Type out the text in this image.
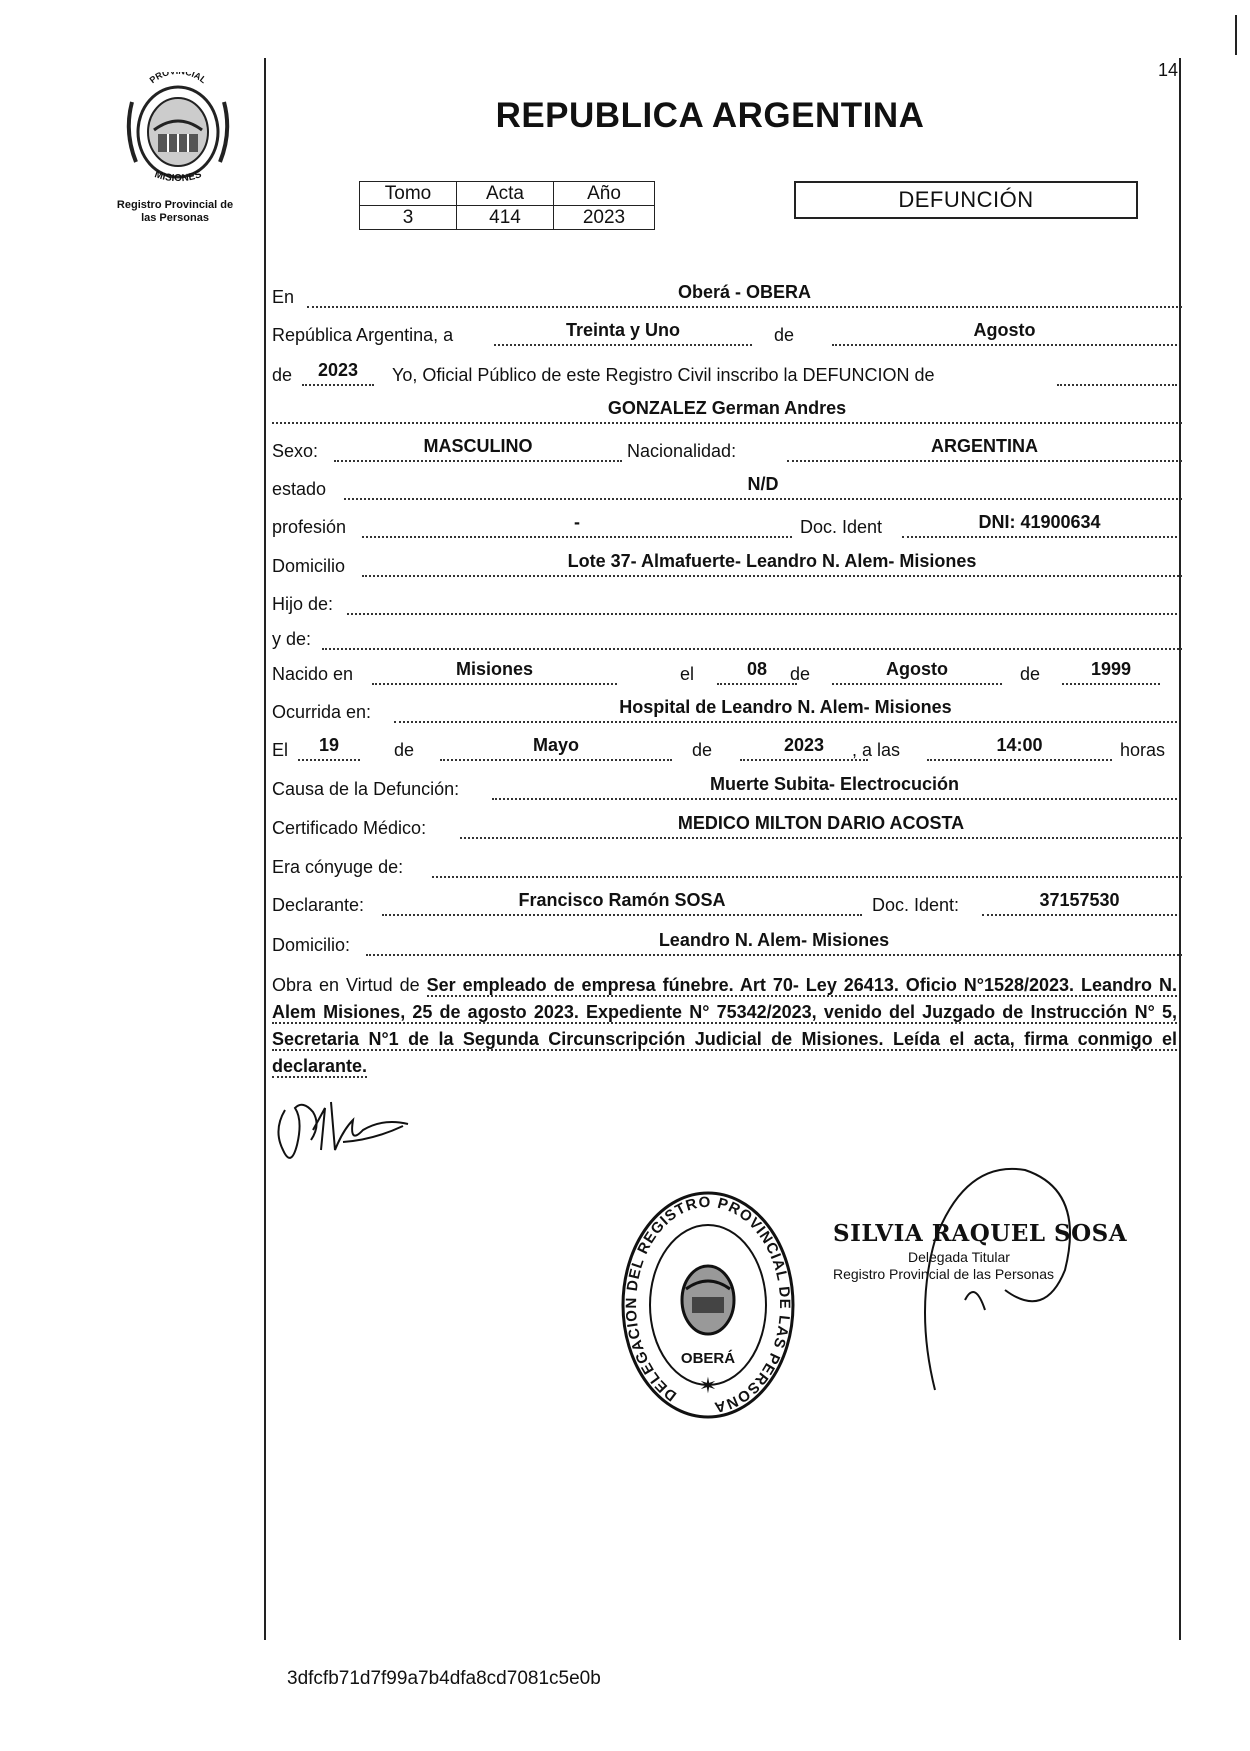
PRO CIAL
MISIONES
Registro Provincial de
las Personas
14
REPUBLICA ARGENTINA
Tomo	Acta	Año
3	414	2023
DEFUNCIÓN
En	Oberá - OBERA
República Argentina, a	Treinta y Uno	de	Agosto
de	2023	Yo, Oficial Público de este Registro Civil inscribo la DEFUNCION de
GONZALEZ German Andres
Sexo:	MASCULINO	Nacionalidad:	ARGENTINA
estado	N/D
profesión	-	Doc. Ident	DNI: 41900634
Domicilio	Lote 37- Almafuerte- Leandro N. Alem- Misiones
Hijo de:
y de:
Nacido en	Misiones	el	08	de	Agosto	de	1999
Ocurrida en:	Hospital de Leandro N. Alem- Misiones
El	19	de	Mayo	de	2023	, a las	14:00	horas
Causa de la Defunción:	Muerte Subita- Electrocución
Certificado Médico:	MEDICO MILTON DARIO ACOSTA
Era cónyuge de:
Declarante:	Francisco Ramón SOSA	Doc. Ident:	37157530
Domicilio:	Leandro N. Alem- Misiones
Obra en Virtud de Ser empleado de empresa fúnebre. Art 70- Ley 26413. Oficio N°1528/2023. Leandro N. Alem Misiones, 25 de agosto 2023. Expediente N° 75342/2023, venido del Juzgado de Instrucción N° 5, Secretaria N°1 de la Segunda Circunscripción Judicial de Misiones. Leída el acta, firma conmigo el declarante.
DELEGACION DEL REGISTRO PROVINCIAL DE LAS PERSONA
OBERÁ
✶
SILVIA RAQUEL SOSA
Delegada Titular
Registro Provincial de las Personas
3dfcfb71d7f99a7b4dfa8cd7081c5e0b
